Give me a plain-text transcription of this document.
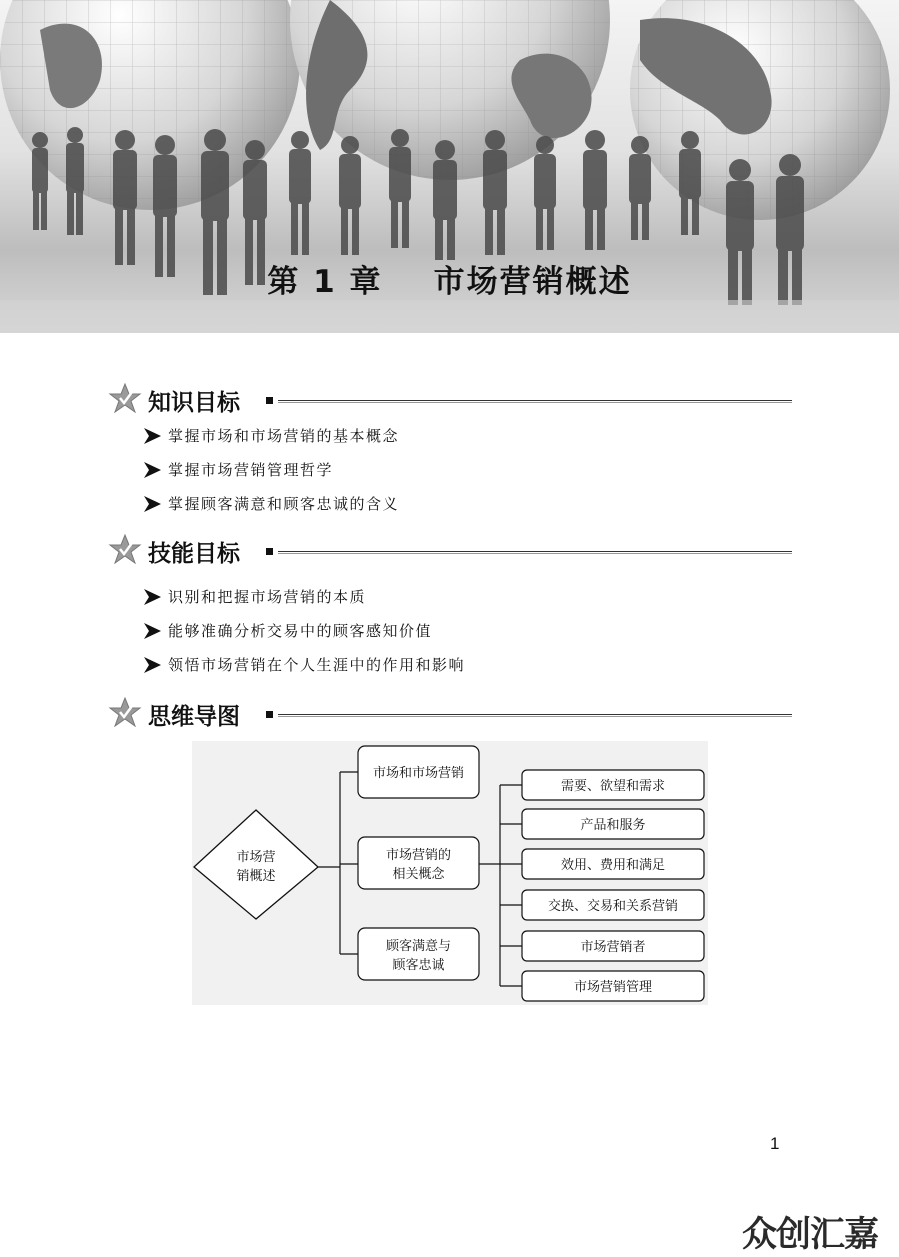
第 1 章    市场营销概述
知识目标
掌握市场和市场营销的基本概念
掌握市场营销管理哲学
掌握顾客满意和顾客忠诚的含义
技能目标
识别和把握市场营销的本质
能够准确分析交易中的顾客感知价值
领悟市场营销在个人生涯中的作用和影响
思维导图
市场营
销概述
市场和市场营销
市场营销的
相关概念
顾客满意与
顾客忠诚
需要、欲望和需求
产品和服务
效用、费用和满足
交换、交易和关系营销
市场营销者
市场营销管理
1
众创汇嘉
